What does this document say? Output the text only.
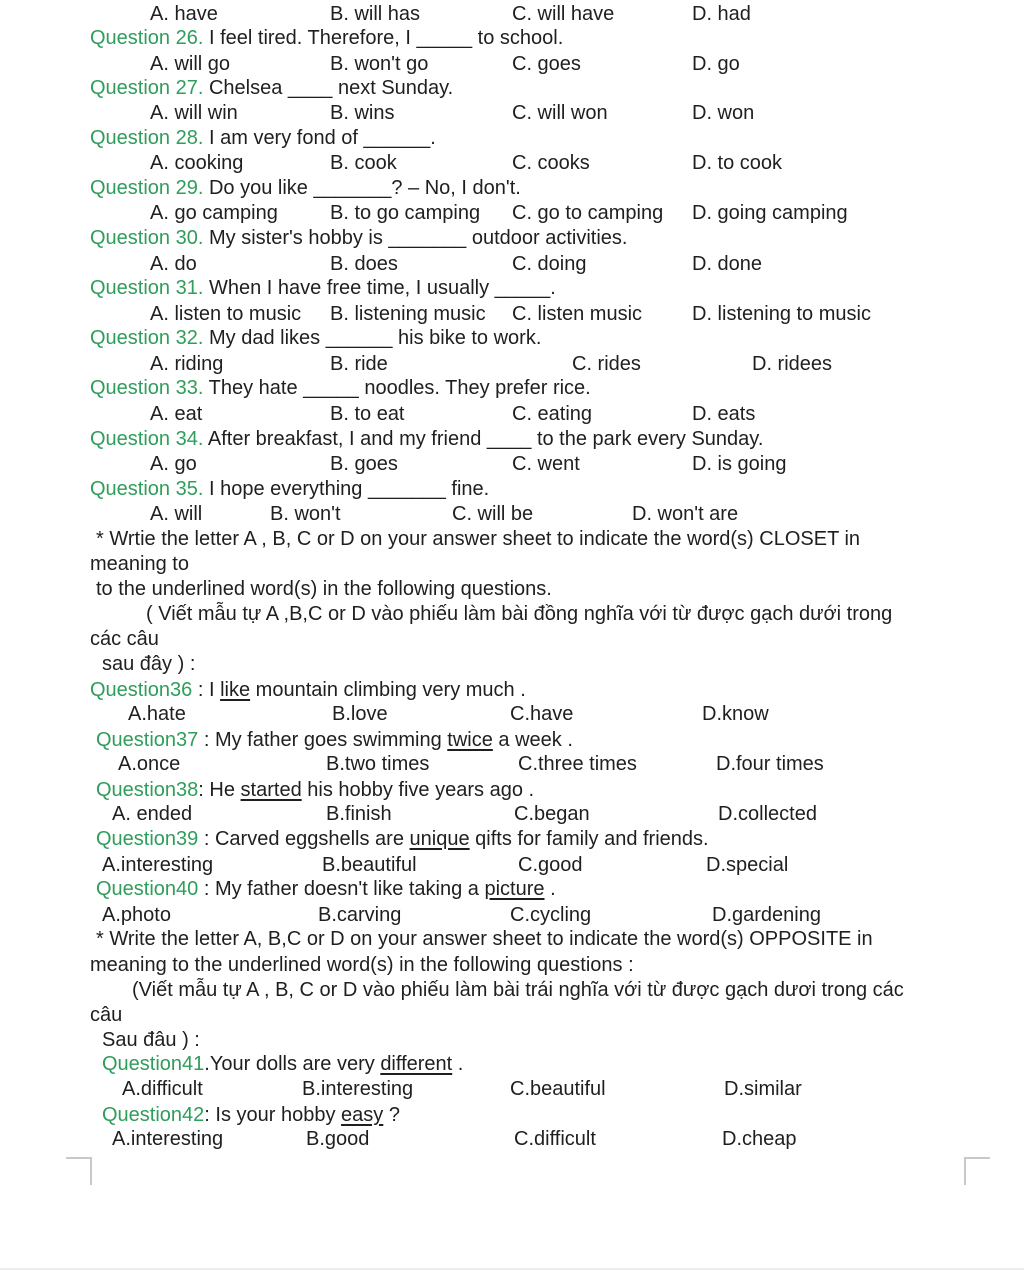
A. have	B. will has	C. will have	D. had
Question 26. I feel tired. Therefore, I _____ to school.
A. will go	B. won't go	C. goes	D. go
Question 27. Chelsea ____ next Sunday.
A. will win	B. wins	C. will won	D. won
Question 28. I am very fond of ______.
A. cooking	B. cook	C. cooks	D. to cook
Question 29. Do you like _______? – No, I don't.
A. go camping	B. to go camping C. go to camping D. going camping
Question 30. My sister's hobby is _______ outdoor activities.
A. do	B. does	C. doing	D. done
Question 31. When I have free time, I usually _____.
A. listen to music B. listening music C. listen music D. listening to music
Question 32. My dad likes ______ his bike to work.
A. riding	B. ride	C. rides	D. ridees
Question 33. They hate _____ noodles. They prefer rice.
A. eat	B. to eat	C. eating	D. eats
Question 34. After breakfast, I and my friend ____ to the park every Sunday.
A. go	B. goes	C. went	D. is going
Question 35. I hope everything _______ fine.
A. will	B. won't	C. will be	D. won't are
* Wrtie the letter A , B, C or D on your answer sheet to indicate the word(s) CLOSET in
meaning to
to the underlined word(s) in the following questions.
( Viết mẫu tự A ,B,C or D vào phiếu làm bài đồng nghĩa với từ được gạch dưới trong
các câu
sau đây ) :
Question36 : I like mountain climbing very much .
A.hate	B.love	C.have	D.know
Question37 : My father goes swimming twice a week .
A.once	B.two times	C.three times	D.four times
Question38: He started his hobby five years ago .
A. ended	B.finish	C.began	D.collected
Question39 : Carved eggshells are unique qifts for family and friends.
A.interesting	B.beautiful	C.good	D.special
Question40 : My father doesn't like taking a picture .
A.photo	B.carving	C.cycling	D.gardening
* Write the letter A, B,C or D on your answer sheet to indicate the word(s) OPPOSITE in
meaning to the underlined word(s) in the following questions :
(Viết mẫu tự A , B, C or D vào phiếu làm bài trái nghĩa với từ được gạch dươi trong các
câu
Sau đâu ) :
Question41.Your dolls are very different .
A.difficult	B.interesting	C.beautiful	D.similar
Question42: Is your hobby easy ?
A.interesting	B.good	C.difficult	D.cheap
